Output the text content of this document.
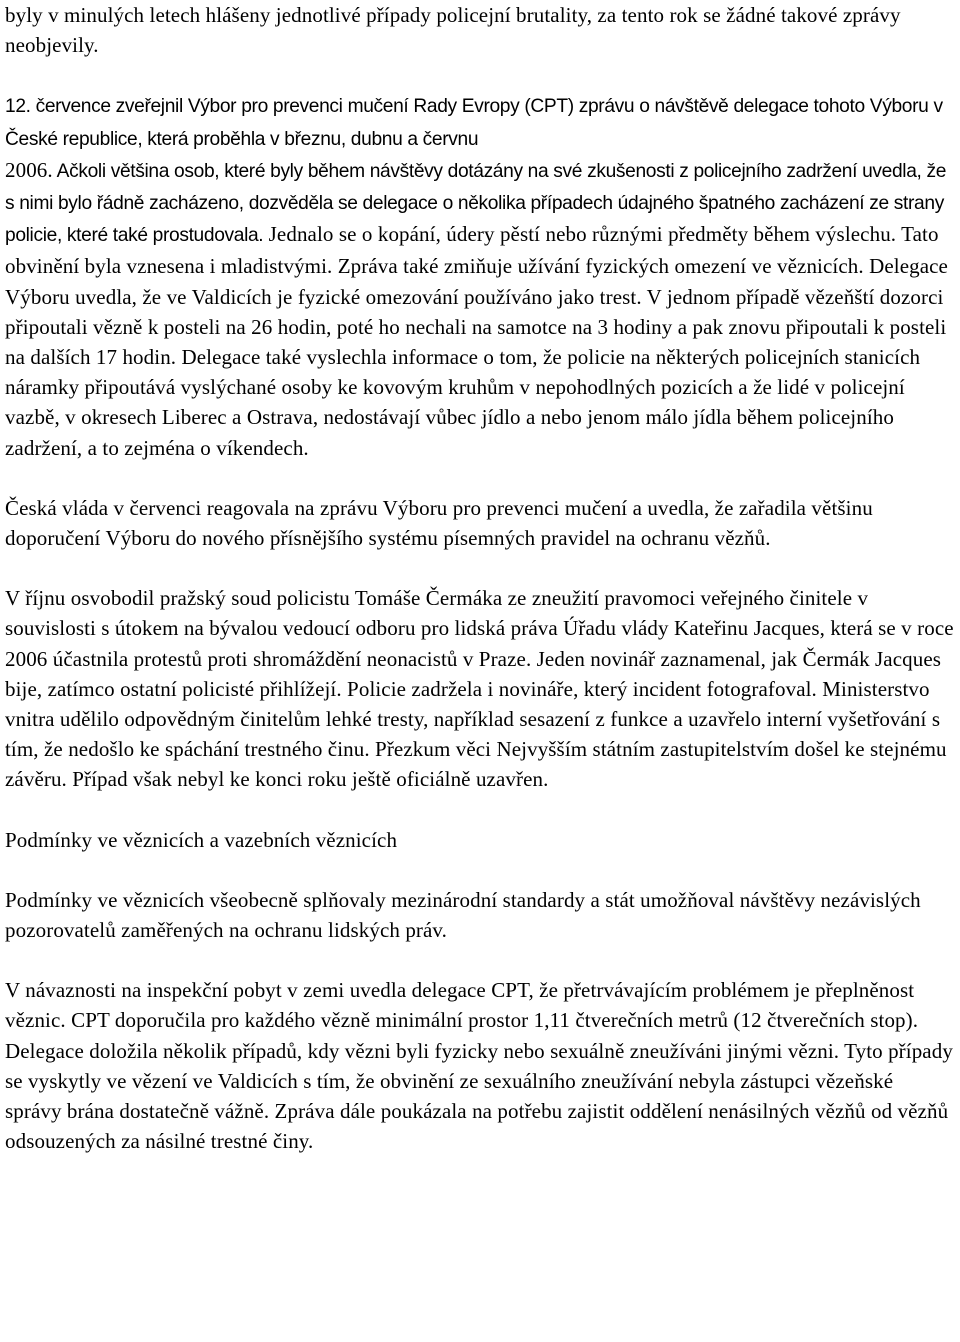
byly v minulých letech hlášeny jednotlivé případy policejní brutality, za tento rok se žádné takové zprávy neobjevily.

12. července zveřejnil Výbor pro prevenci mučení Rady Evropy (CPT) zprávu o návštěvě delegace tohoto Výboru v České republice, která proběhla v březnu, dubnu a červnu
2006. Ačkoli většina osob, které byly během návštěvy dotázány na své zkušenosti z policejního zadržení uvedla, že s nimi bylo řádně zacházeno, dozvěděla se delegace o několika případech údajného špatného zacházení ze strany policie, které také prostudovala. Jednalo se o kopání, údery pěstí nebo různými předměty během výslechu. Tato obvinění byla vznesena i mladistvými. Zpráva také zmiňuje užívání fyzických omezení ve věznicích. Delegace Výboru uvedla, že ve Valdicích je fyzické omezování používáno jako trest. V jednom případě vězeňští dozorci připoutali vězně k posteli na 26 hodin, poté ho nechali na samotce na 3 hodiny a pak znovu připoutali k posteli na dalších 17 hodin. Delegace také vyslechla informace o tom, že policie na některých policejních stanicích náramky připoutává vyslýchané osoby ke kovovým kruhům v nepohodlných pozicích a že lidé v policejní vazbě, v okresech Liberec a Ostrava, nedostávají vůbec jídlo a nebo jenom málo jídla během policejního zadržení, a to zejména o víkendech.

Česká vláda v červenci reagovala na zprávu Výboru pro prevenci mučení a uvedla, že zařadila většinu doporučení Výboru do nového přísnějšího systému písemných pravidel na ochranu vězňů.

V říjnu osvobodil pražský soud policistu Tomáše Čermáka ze zneužití pravomoci veřejného činitele v souvislosti s útokem na bývalou vedoucí odboru pro lidská práva Úřadu vlády Kateřinu Jacques, která se v roce 2006 účastnila protestů proti shromáždění neonacistů v Praze. Jeden novinář zaznamenal, jak Čermák Jacques bije, zatímco ostatní policisté přihlížejí. Policie zadržela i novináře, který incident fotografoval. Ministerstvo vnitra udělilo odpovědným činitelům lehké tresty, například sesazení z funkce a uzavřelo interní vyšetřování s tím, že nedošlo ke spáchání trestného činu. Přezkum věci Nejvyšším státním zastupitelstvím došel ke stejnému závěru. Případ však nebyl ke konci roku ještě oficiálně uzavřen.

Podmínky ve věznicích a vazebních věznicích

Podmínky ve věznicích všeobecně splňovaly mezinárodní standardy a stát umožňoval návštěvy nezávislých pozorovatelů zaměřených na ochranu lidských práv.

V návaznosti na inspekční pobyt v zemi uvedla delegace CPT, že přetrvávajícím problémem je přeplněnost věznic. CPT doporučila pro každého vězně minimální prostor 1,11 čtverečních metrů (12 čtverečních stop). Delegace doložila několik případů, kdy vězni byli fyzicky nebo sexuálně zneužíváni jinými vězni. Tyto případy se vyskytly ve vězení ve Valdicích s tím, že obvinění ze sexuálního zneužívání nebyla zástupci vězeňské správy brána dostatečně vážně. Zpráva dále poukázala na potřebu zajistit oddělení nenásilných vězňů od vězňů odsouzených za násilné trestné činy.
